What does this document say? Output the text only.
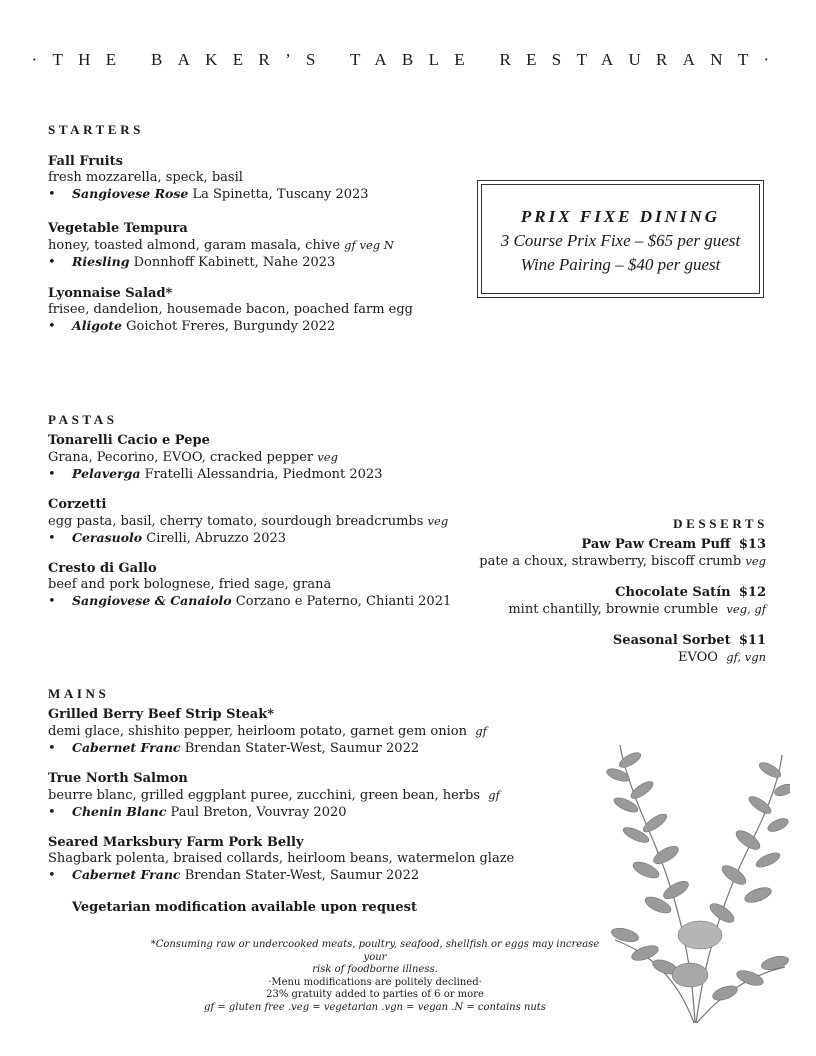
·THE BAKER’S TABLE RESTAURANT·
STARTERS
Fall Fruits
fresh mozzarella, speck, basil
• Sangiovese Rose La Spinetta, Tuscany 2023
Vegetable Tempura
honey, toasted almond, garam masala, chive gf veg N
• Riesling Donnhoff Kabinett, Nahe 2023
Lyonnaise Salad*
frisee, dandelion, housemade bacon, poached farm egg
• Aligote Goichot Freres, Burgundy 2022
PRIX FIXE DINING
3 Course Prix Fixe – $65 per guest
Wine Pairing – $40 per guest
PASTAS
Tonarelli Cacio e Pepe
Grana, Pecorino, EVOO, cracked pepper veg
• Pelaverga Fratelli Alessandria, Piedmont 2023
Corzetti
egg pasta, basil, cherry tomato, sourdough breadcrumbs veg
• Cerasuolo Cirelli, Abruzzo 2023
Cresto di Gallo
beef and pork bolognese, fried sage, grana
• Sangiovese & Canaiolo Corzano e Paterno, Chianti 2021
DESSERTS
Paw Paw Cream Puff $13
pate a choux, strawberry, biscoff crumb veg
Chocolate Satín $12
mint chantilly, brownie crumble veg, gf
Seasonal Sorbet $11
EVOO gf, vgn
MAINS
Grilled Berry Beef Strip Steak*
demi glace, shishito pepper, heirloom potato, garnet gem onion gf
• Cabernet Franc Brendan Stater-West, Saumur 2022
True North Salmon
beurre blanc, grilled eggplant puree, zucchini, green bean, herbs gf
• Chenin Blanc Paul Breton, Vouvray 2020
Seared Marksbury Farm Pork Belly
Shagbark polenta, braised collards, heirloom beans, watermelon glaze
• Cabernet Franc Brendan Stater-West, Saumur 2022
Vegetarian modification available upon request
*Consuming raw or undercooked meats, poultry, seafood, shellfish or eggs may increase your
risk of foodborne illness.
·Menu modifications are politely declined·
23% gratuity added to parties of 6 or more
gf = gluten free .veg = vegetarian .vgn = vegan .N = contains nuts
